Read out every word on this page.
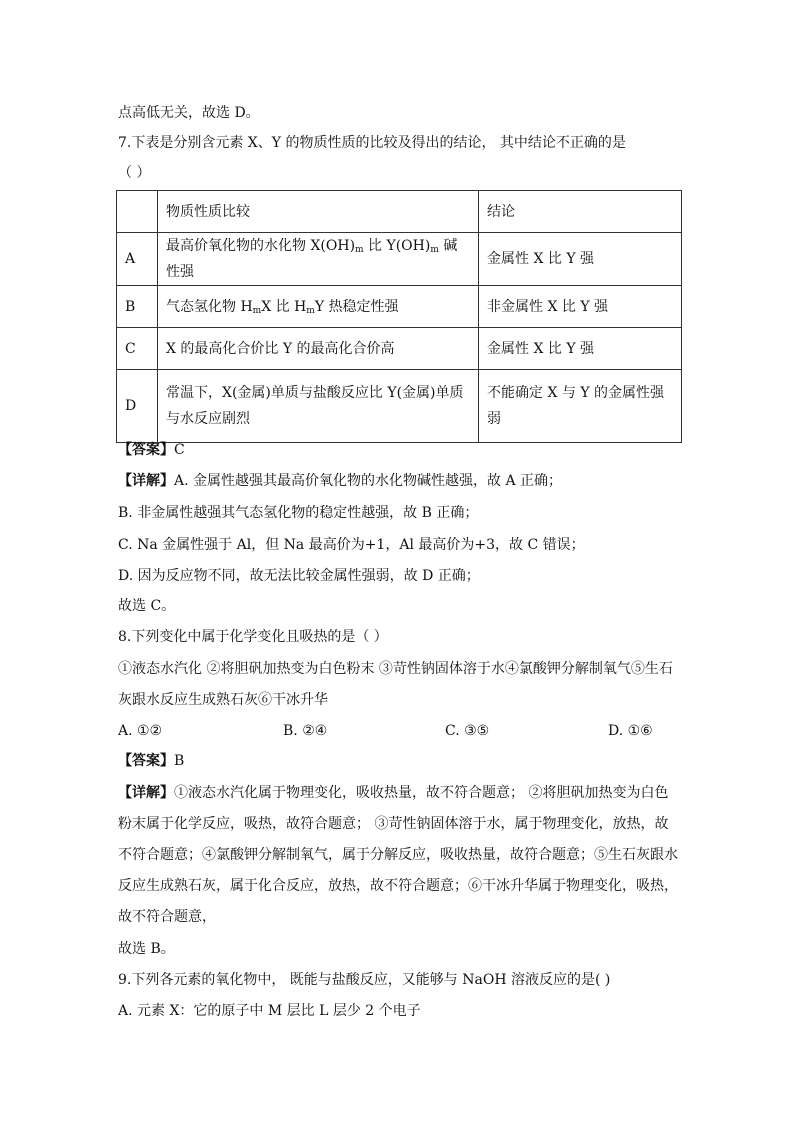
点高低无关，故选 D。
7.下表是分别含元素 X、Y 的物质性质的比较及得出的结论， 其中结论不正确的是
（ ）
	物质性质比较	结论
A	最高价氧化物的水化物 $X(OH)_m$ 比 $Y(OH)_m$ 碱性强	金属性 X 比 Y 强
B	气态氢化物 $H_mX$ 比 $H_mY$ 热稳定性强	非金属性 X 比 Y 强
C	X 的最高化合价比 Y 的最高化合价高	金属性 X 比 Y 强
D	常温下，X(金属)单质与盐酸反应比 Y(金属)单质与水反应剧烈	不能确定 X 与 Y 的金属性强弱
【答案】C
【详解】A. 金属性越强其最高价氧化物的水化物碱性越强，故 A 正确；
B. 非金属性越强其气态氢化物的稳定性越强，故 B 正确；
C. Na 金属性强于 Al，但 Na 最高价为+1，Al 最高价为+3，故 C 错误；
D. 因为反应物不同，故无法比较金属性强弱，故 D 正确；
故选 C。
8.下列变化中属于化学变化且吸热的是（ ）
①液态水汽化 ②将胆矾加热变为白色粉末 ③苛性钠固体溶于水④氯酸钾分解制氧气⑤生石
灰跟水反应生成熟石灰⑥干冰升华
A. ①②	B. ②④	C. ③⑤	D. ①⑥
【答案】B
【详解】①液态水汽化属于物理变化，吸收热量，故不符合题意； ②将胆矾加热变为白色
粉末属于化学反应，吸热，故符合题意； ③苛性钠固体溶于水，属于物理变化，放热，故
不符合题意；④氯酸钾分解制氧气，属于分解反应，吸收热量，故符合题意；⑤生石灰跟水
反应生成熟石灰，属于化合反应，放热，故不符合题意；⑥干冰升华属于物理变化，吸热，
故不符合题意，
故选 B。
9.下列各元素的氧化物中， 既能与盐酸反应，又能够与 NaOH 溶液反应的是( )
A. 元素 X：它的原子中 M 层比 L 层少 2 个电子
